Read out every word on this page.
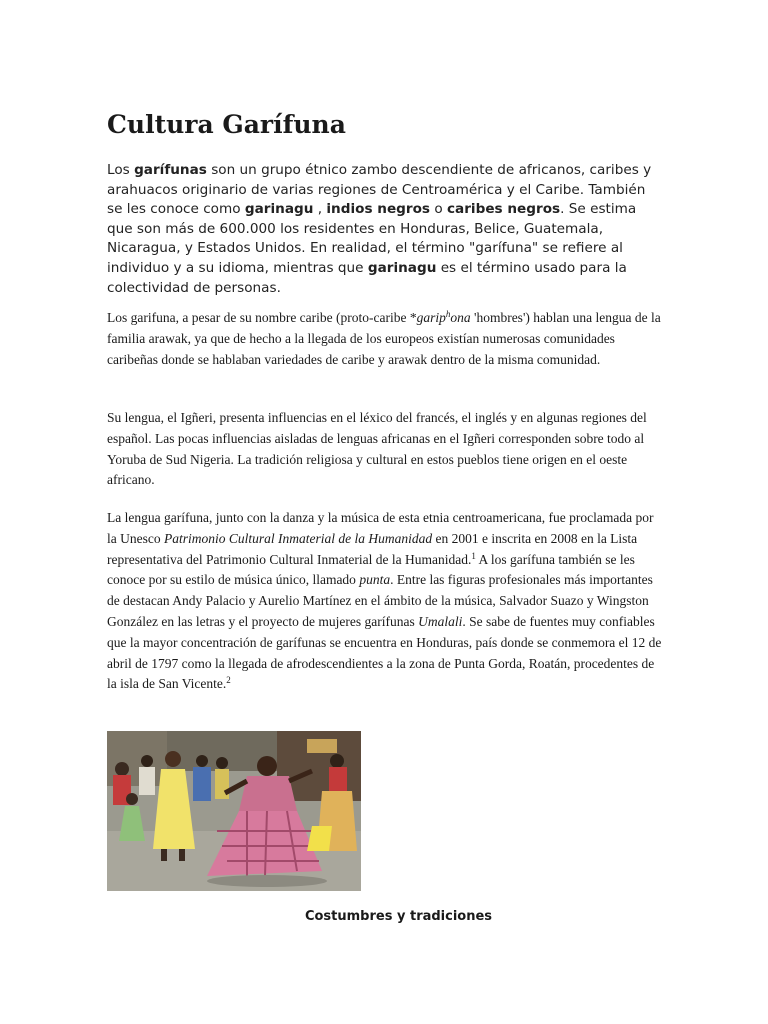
Cultura Garífuna

Los garífunas son un grupo étnico zambo descendiente de africanos, caribes y arahuacos originario de varias regiones de Centroamérica y el Caribe. También se les conoce como garinagu , indios negros o caribes negros. Se estima que son más de 600.000 los residentes en Honduras, Belice, Guatemala, Nicaragua, y Estados Unidos. En realidad, el término "garífuna" se refiere al individuo y a su idioma, mientras que garinagu es el término usado para la colectividad de personas.

Los garifuna, a pesar de su nombre caribe (proto-caribe *garip$^h$ona 'hombres') hablan una lengua de la familia arawak, ya que de hecho a la llegada de los europeos existían numerosas comunidades caribeñas donde se hablaban variedades de caribe y arawak dentro de la misma comunidad.

Su lengua, el Igñeri, presenta influencias en el léxico del francés, el inglés y en algunas regiones del español. Las pocas influencias aisladas de lenguas africanas en el Igñeri corresponden sobre todo al Yoruba de Sud Nigeria. La tradición religiosa y cultural en estos pueblos tiene origen en el oeste africano.

La lengua garífuna, junto con la danza y la música de esta etnia centroamericana, fue proclamada por la Unesco Patrimonio Cultural Inmaterial de la Humanidad en 2001 e inscrita en 2008 en la Lista representativa del Patrimonio Cultural Inmaterial de la Humanidad.$^1$ A los garífuna también se les conoce por su estilo de música único, llamado punta. Entre las figuras profesionales más importantes de destacan Andy Palacio y Aurelio Martínez en el ámbito de la música, Salvador Suazo y Wingston González en las letras y el proyecto de mujeres garífunas Umalali. Se sabe de fuentes muy confiables que la mayor concentración de garífunas se encuentra en Honduras, país donde se conmemora el 12 de abril de 1797 como la llegada de afrodescendientes a la zona de Punta Gorda, Roatán, procedentes de la isla de San Vicente.$^2$

Costumbres y tradiciones
